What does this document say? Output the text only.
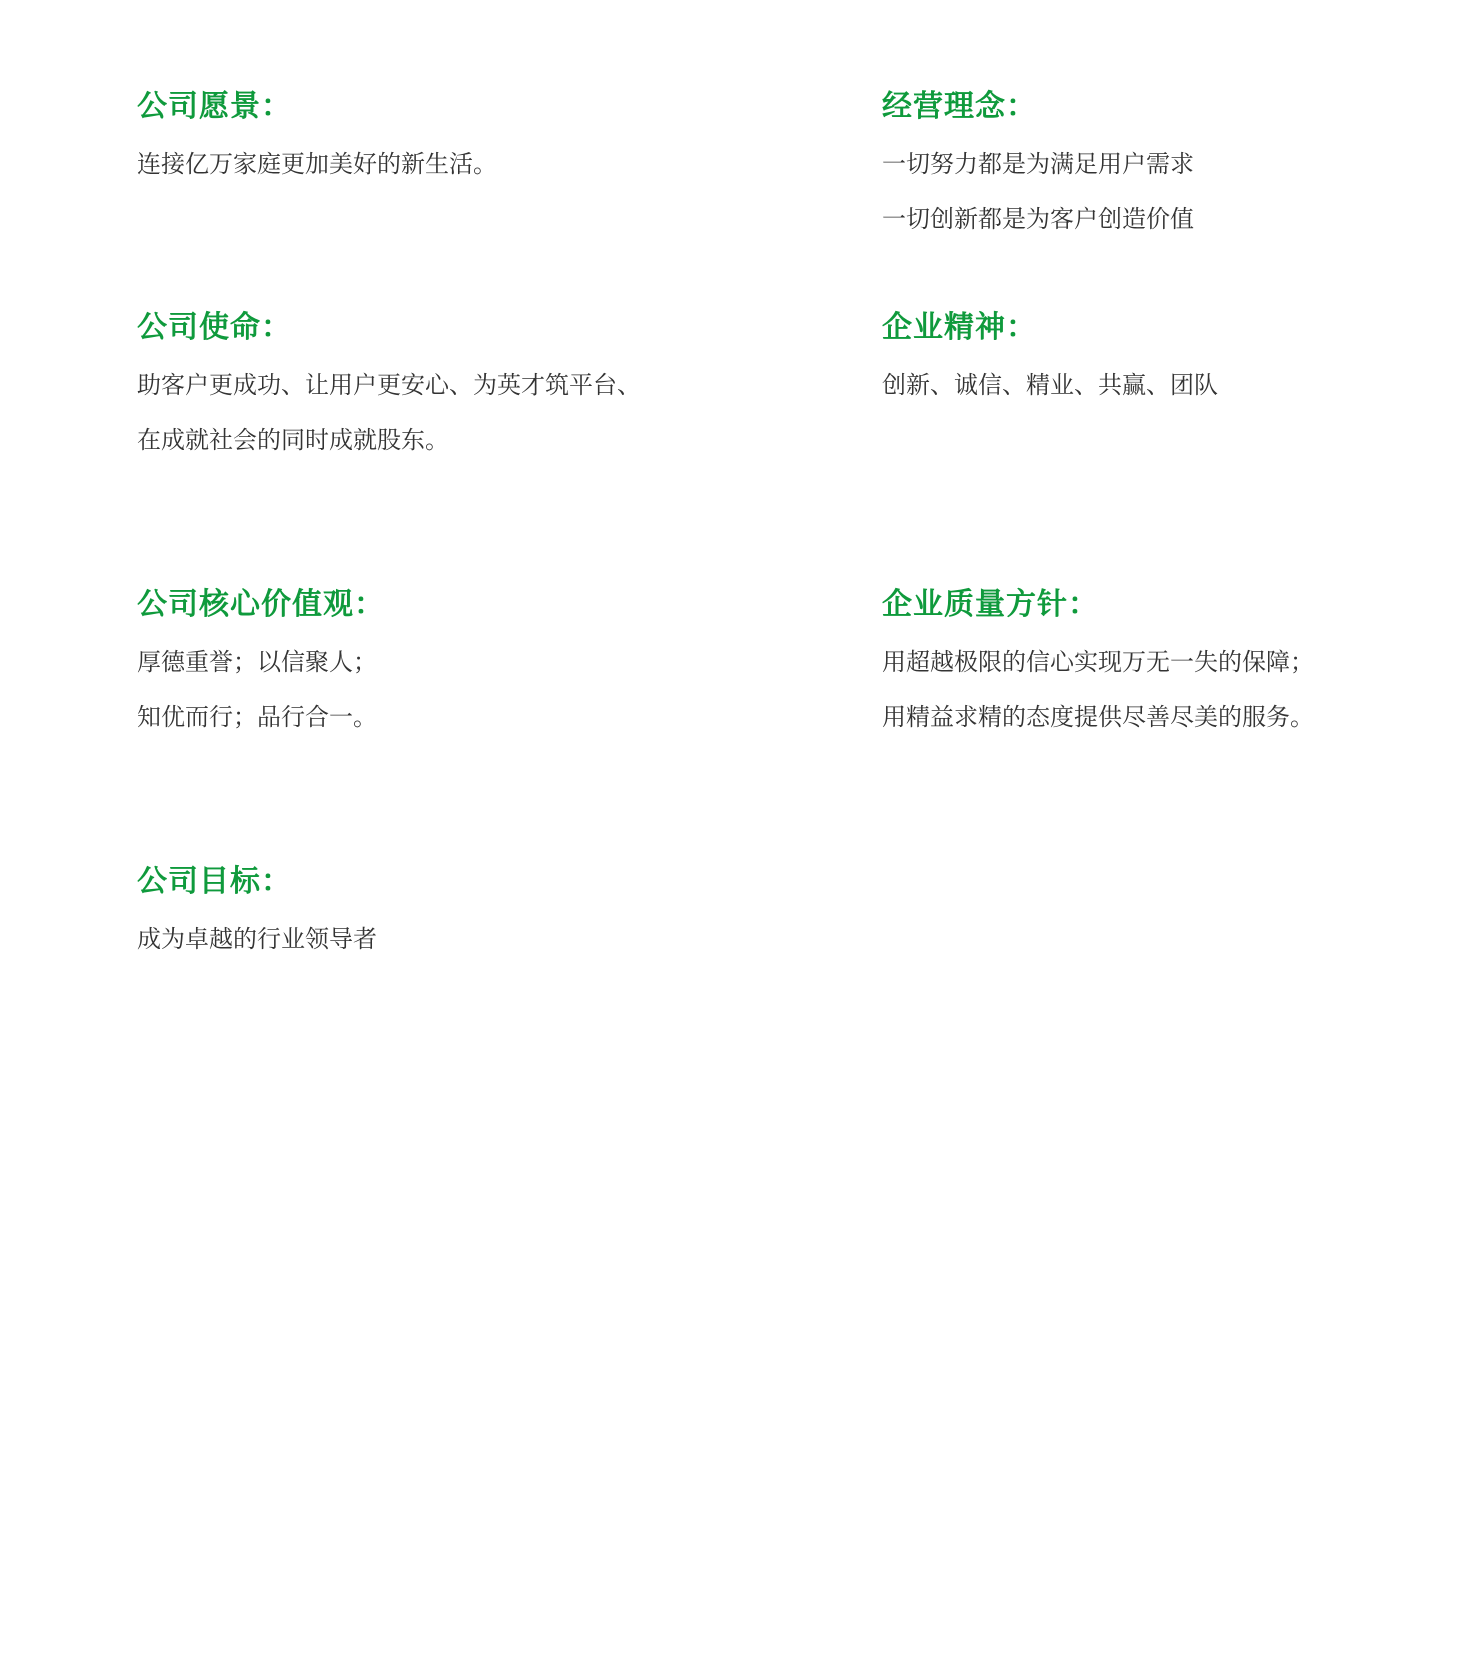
公司愿景：
连接亿万家庭更加美好的新生活。
经营理念：
一切努力都是为满足用户需求
一切创新都是为客户创造价值
公司使命：
助客户更成功、让用户更安心、为英才筑平台、
在成就社会的同时成就股东。
企业精神：
创新、诚信、精业、共赢、团队
公司核心价值观：
厚德重誉；以信聚人；
知优而行；品行合一。
企业质量方针：
用超越极限的信心实现万无一失的保障；
用精益求精的态度提供尽善尽美的服务。
公司目标：
成为卓越的行业领导者
